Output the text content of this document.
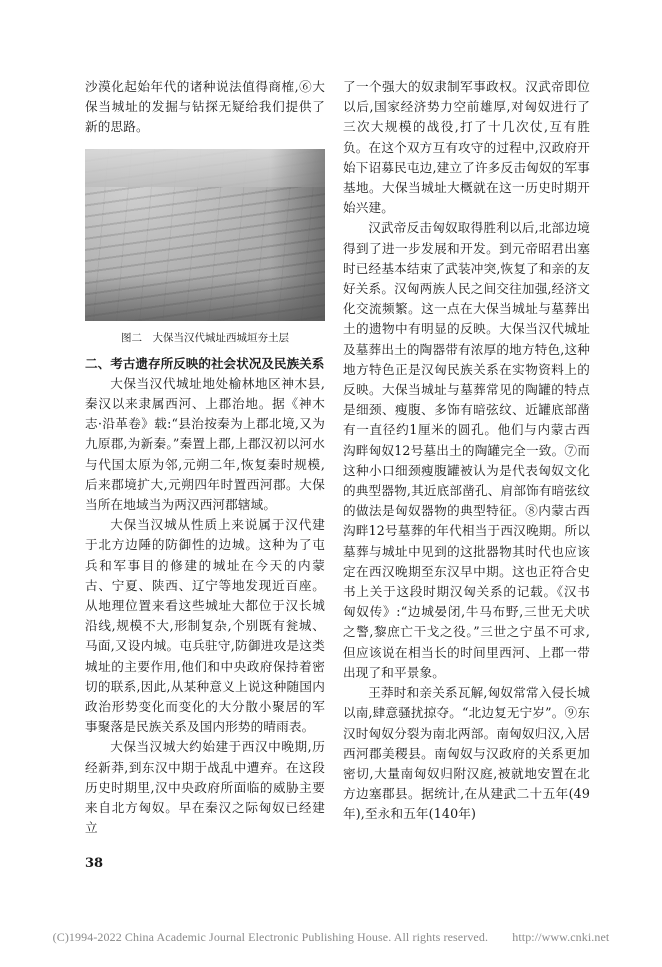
沙漠化起始年代的诸种说法值得商榷,⑥大保当城址的发掘与钻探无疑给我们提供了新的思路。

图二　大保当汉代城址西城垣夯土层

二、考古遗存所反映的社会状况及民族关系

大保当汉代城址地处榆林地区神木县,秦汉以来隶属西河、上郡治地。据《神木志·沿革卷》载:“县治按秦为上郡北境,又为九原郡,为新秦。”秦置上郡,上郡汉初以河水与代国太原为邻,元朔二年,恢复秦时规模,后来郡境扩大,元朔四年时置西河郡。大保当所在地域当为两汉西河郡辖域。

大保当汉城从性质上来说属于汉代建于北方边陲的防御性的边城。这种为了屯兵和军事目的修建的城址在今天的内蒙古、宁夏、陕西、辽宁等地发现近百座。从地理位置来看这些城址大都位于汉长城沿线,规模不大,形制复杂,个别既有瓮城、马面,又设内城。屯兵驻守,防御进攻是这类城址的主要作用,他们和中央政府保持着密切的联系,因此,从某种意义上说这种随国内政治形势变化而变化的大分散小聚居的军事聚落是民族关系及国内形势的晴雨表。

大保当汉城大约始建于西汉中晚期,历经新莽,到东汉中期于战乱中遭弃。在这段历史时期里,汉中央政府所面临的威胁主要来自北方匈奴。早在秦汉之际匈奴已经建立

了一个强大的奴隶制军事政权。汉武帝即位以后,国家经济势力空前雄厚,对匈奴进行了三次大规模的战役,打了十几次仗,互有胜负。在这个双方互有攻守的过程中,汉政府开始下诏募民屯边,建立了许多反击匈奴的军事基地。大保当城址大概就在这一历史时期开始兴建。

汉武帝反击匈奴取得胜利以后,北部边境得到了进一步发展和开发。到元帝昭君出塞时已经基本结束了武装冲突,恢复了和亲的友好关系。汉匈两族人民之间交往加强,经济文化交流频繁。这一点在大保当城址与墓葬出土的遗物中有明显的反映。大保当汉代城址及墓葬出土的陶器带有浓厚的地方特色,这种地方特色正是汉匈民族关系在实物资料上的反映。大保当城址与墓葬常见的陶罐的特点是细颈、瘦腹、多饰有暗弦纹、近罐底部凿有一直径约1厘米的圆孔。他们与内蒙古西沟畔匈奴12号墓出土的陶罐完全一致。⑦而这种小口细颈瘦腹罐被认为是代表匈奴文化的典型器物,其近底部凿孔、肩部饰有暗弦纹的做法是匈奴器物的典型特征。⑧内蒙古西沟畔12号墓葬的年代相当于西汉晚期。所以墓葬与城址中见到的这批器物其时代也应该定在西汉晚期至东汉早中期。这也正符合史书上关于这段时期汉匈关系的记载。《汉书匈奴传》:“边城晏闭,牛马布野,三世无犬吠之警,黎庶亡干戈之役。”三世之宁虽不可求,但应该说在相当长的时间里西河、上郡一带出现了和平景象。

王莽时和亲关系瓦解,匈奴常常入侵长城以南,肆意骚扰掠夺。“北边复无宁岁”。⑨东汉时匈奴分裂为南北两部。南匈奴归汉,入居西河郡美稷县。南匈奴与汉政府的关系更加密切,大量南匈奴归附汉庭,被就地安置在北方边塞郡县。据统计,在从建武二十五年(49年),至永和五年(140年)

38
(C)1994-2022 China Academic Journal Electronic Publishing House. All rights reserved.　　http://www.cnki.net
